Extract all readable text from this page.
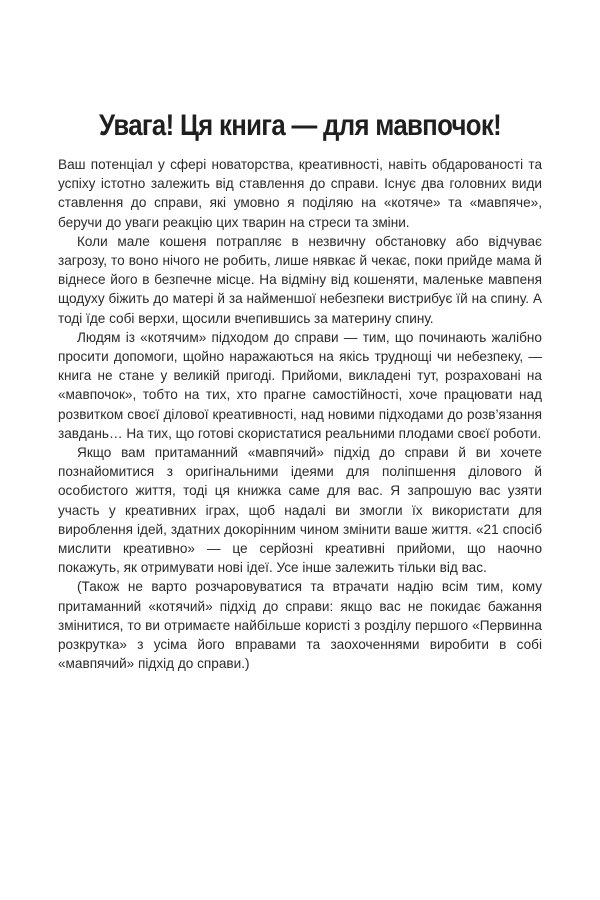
Увага! Ця книга — для мавпочок!

Ваш потенціал у сфері новаторства, креативності, навіть обдарованості та успіху істотно залежить від ставлення до справи. Існує два головних види ставлення до справи, які умовно я поділяю на «котяче» та «мавпяче», беручи до уваги реакцію цих тварин на стреси та зміни.

Коли мале кошеня потрапляє в незвичну обстановку або відчуває загрозу, то воно нічого не робить, лише нявкає й чекає, поки прийде мама й віднесе його в безпечне місце. На відміну від кошеняти, маленьке мавпеня щодуху біжить до матері й за найменшої небезпеки вистрибує їй на спину. А тоді їде собі верхи, щосили вчепившись за материну спину.

Людям із «котячим» підходом до справи — тим, що починають жалібно просити допомоги, щойно наражаються на якісь труднощі чи небезпеку, — книга не стане у великій пригоді. Прийоми, викладені тут, розраховані на «мавпочок», тобто на тих, хто прагне самостійності, хоче працювати над розвитком своєї ділової креативності, над новими підходами до розв’язання завдань… На тих, що готові скористатися реальними плодами своєї роботи.

Якщо вам притаманний «мавпячий» підхід до справи й ви хочете познайомитися з оригінальними ідеями для поліпшення ділового й особистого життя, тоді ця книжка саме для вас. Я запрошую вас узяти участь у креативних іграх, щоб надалі ви змогли їх використати для вироблення ідей, здатних докорінним чином змінити ваше життя. «21 спосіб мислити креативно» — це серйозні креативні прийоми, що наочно покажуть, як отримувати нові ідеї. Усе інше залежить тільки від вас.

(Також не варто розчаровуватися та втрачати надію всім тим, кому притаманний «котячий» підхід до справи: якщо вас не покидає бажання змінитися, то ви отримаєте найбільше користі з розділу першого «Первинна розкрутка» з усіма його вправами та заохоченнями виробити в собі «мавпячий» підхід до справи.)
